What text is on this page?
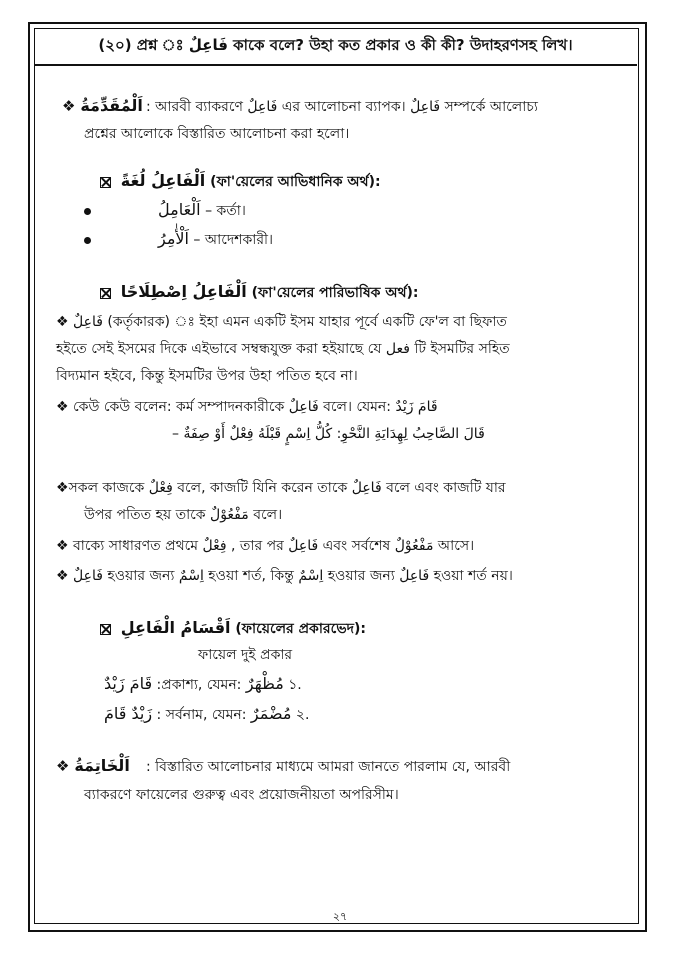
(২০) প্রশ্ন ঃ فَاعِلٌ কাকে বলে? উহা কত প্রকার ও কী কী? উদাহরণসহ লিখ।
❖ اَلْمُقَدِّمَةُ : আরবী ব্যাকরণে فَاعِلٌ এর আলোচনা ব্যাপক। فَاعِلٌ সম্পর্কে আলোচ্য
প্রশ্নের আলোকে বিস্তারিত আলোচনা করা হলো।
اَلْفَاعِلُ لُغَةً (ফা'য়েলের আভিধানিক অর্থ):
اَلْعَامِلُ – কর্তা।
اَلْأٰمِرُ – আদেশকারী।
اَلْفَاعِلُ اِصْطِلَاحًا (ফা'য়েলের পারিভাষিক অর্থ):
❖ فَاعِلٌ (কর্তৃকারক) ঃ ইহা এমন একটি ইসম যাহার পূর্বে একটি ফে'ল বা ছিফাত
হইতে সেই ইসমের দিকে এইভাবে সম্বন্ধযুক্ত করা হইয়াছে যে فعل টি ইসমটির সহিত
বিদ্যমান হইবে, কিন্তু ইসমটির উপর উহা পতিত হবে না।
❖ কেউ কেউ বলেন: কর্ম সম্পাদনকারীকে فَاعِلٌ বলে। যেমন: قَامَ زَيْدٌ
قَالَ الصَّاحِبُ لِهِدَايَةِ النَّحْوِ: كُلُّ اِسْمٍ قَبْلَهُ فِعْلٌ أَوْ صِفَةٌ –
❖সকল কাজকে فِعْلٌ বলে, কাজটি যিনি করেন তাকে فَاعِلٌ বলে এবং কাজটি যার
উপর পতিত হয় তাকে مَفْعُوْلٌ বলে।
❖ বাক্যে সাধারণত প্রথমে فِعْلٌ , তার পর فَاعِلٌ এবং সর্বশেষ مَفْعُوْلٌ আসে।
❖ فَاعِلٌ হওয়ার জন্য اِسْمٌ হওয়া শর্ত, কিন্তু اِسْمٌ হওয়ার জন্য فَاعِلٌ হওয়া শর্ত নয়।
اَقْسَامُ الْفَاعِلِ (ফায়েলের প্রকারভেদ):
ফায়েল দুই প্রকার
قَامَ زَيْدٌ :প্রকাশ্য, যেমন: مُظْهَرٌ ১.
زَيْدٌ قَامَ : সর্বনাম, যেমন: مُضْمَرٌ ২.
❖ اَلْخَاتِمَةُ : বিস্তারিত আলোচনার মাধ্যমে আমরা জানতে পারলাম যে, আরবী
ব্যাকরণে ফায়েলের গুরুত্ব এবং প্রয়োজনীয়তা অপরিসীম।
২৭
